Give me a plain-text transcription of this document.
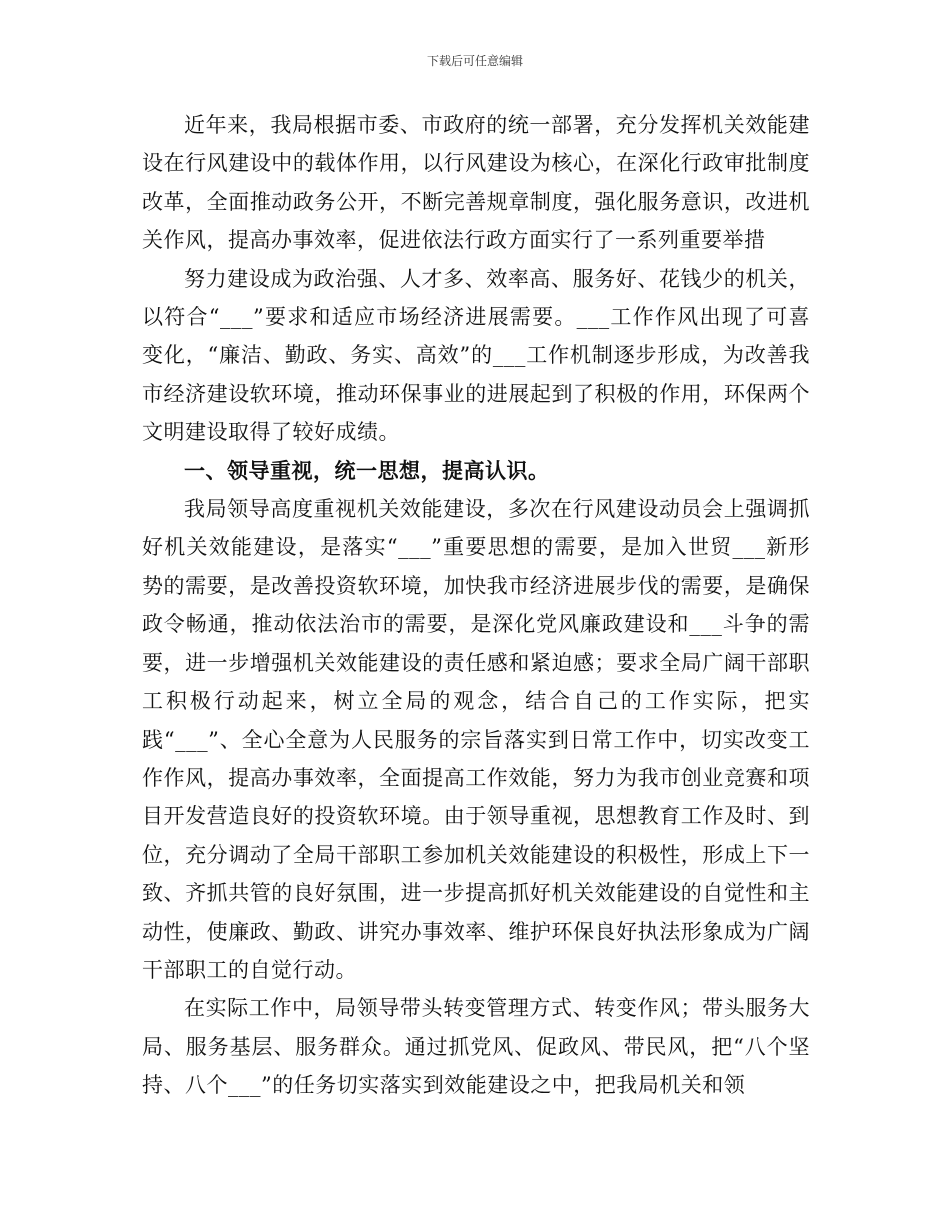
下载后可任意编辑

近年来，我局根据市委、市政府的统一部署，充分发挥机关效能建设在行风建设中的载体作用，以行风建设为核心，在深化行政审批制度改革，全面推动政务公开，不断完善规章制度，强化服务意识，改进机关作风，提高办事效率，促进依法行政方面实行了一系列重要举措

努力建设成为政治强、人才多、效率高、服务好、花钱少的机关，以符合“___”要求和适应市场经济进展需要。___工作作风出现了可喜变化，“廉洁、勤政、务实、高效”的___工作机制逐步形成，为改善我市经济建设软环境，推动环保事业的进展起到了积极的作用，环保两个文明建设取得了较好成绩。

一、领导重视，统一思想，提高认识。

我局领导高度重视机关效能建设，多次在行风建设动员会上强调抓好机关效能建设，是落实“___”重要思想的需要，是加入世贸___新形势的需要，是改善投资软环境，加快我市经济进展步伐的需要，是确保政令畅通，推动依法治市的需要，是深化党风廉政建设和___斗争的需要，进一步增强机关效能建设的责任感和紧迫感；要求全局广阔干部职工积极行动起来，树立全局的观念，结合自己的工作实际，把实践“___”、全心全意为人民服务的宗旨落实到日常工作中，切实改变工作作风，提高办事效率，全面提高工作效能，努力为我市创业竞赛和项目开发营造良好的投资软环境。由于领导重视，思想教育工作及时、到位，充分调动了全局干部职工参加机关效能建设的积极性，形成上下一致、齐抓共管的良好氛围，进一步提高抓好机关效能建设的自觉性和主动性，使廉政、勤政、讲究办事效率、维护环保良好执法形象成为广阔干部职工的自觉行动。

在实际工作中，局领导带头转变管理方式、转变作风；带头服务大局、服务基层、服务群众。通过抓党风、促政风、带民风，把“八个坚持、八个___”的任务切实落实到效能建设之中，把我局机关和领
